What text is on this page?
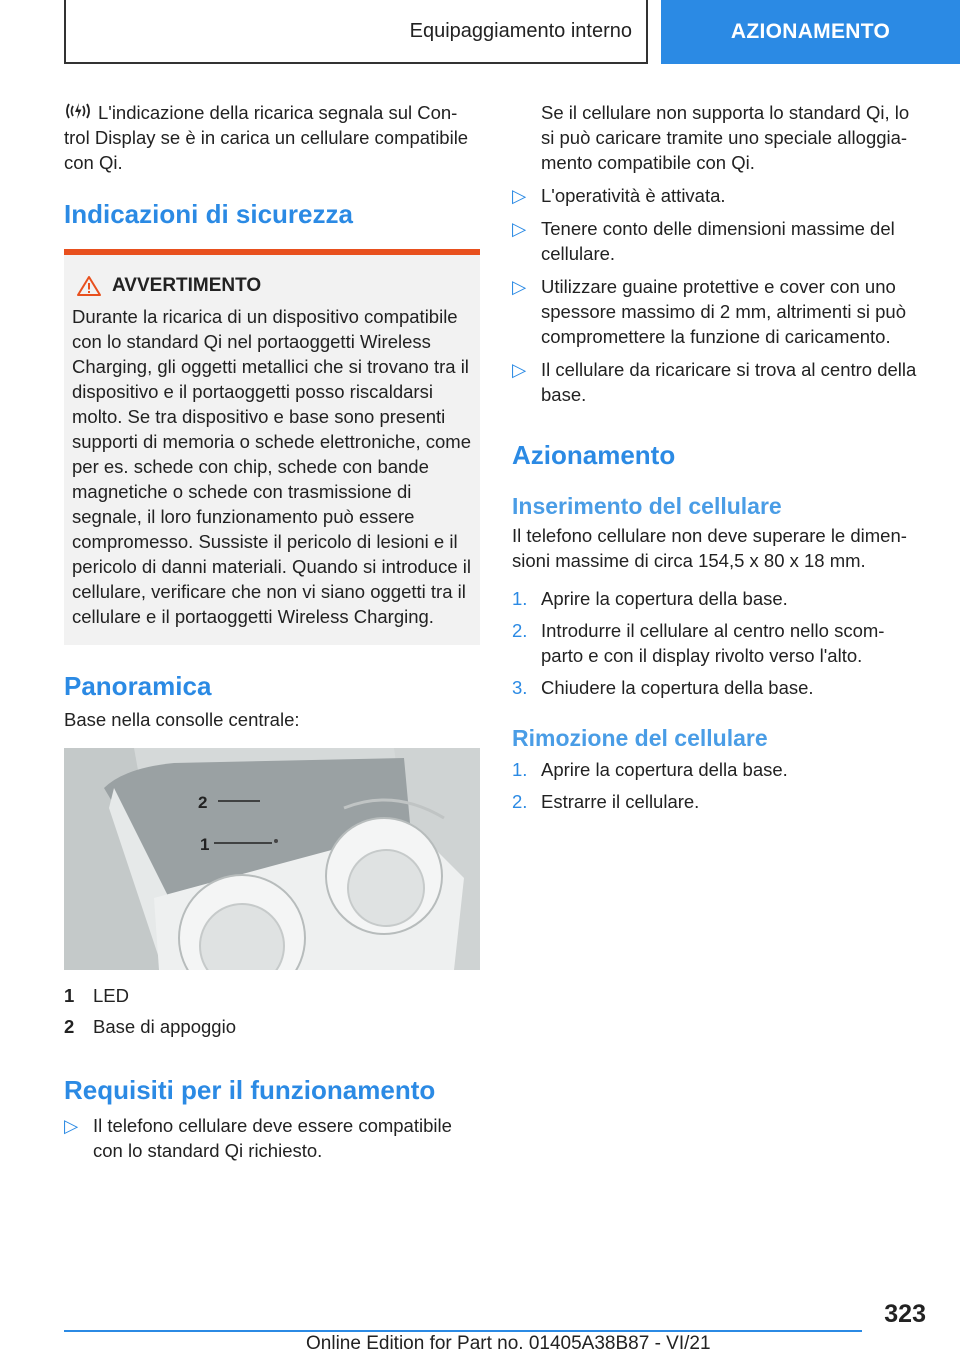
Equipaggiamento interno	AZIONAMENTO

L'indicazione della ricarica segnala sul Con-trol Display se è in carica un cellulare compatibile con Qi.

Indicazioni di sicurezza
AVVERTIMENTO

Durante la ricarica di un dispositivo compatibile con lo standard Qi nel portaoggetti Wireless Charging, gli oggetti metallici che si trovano tra il dispositivo e il portaoggetti posso riscaldarsi molto. Se tra dispositivo e base sono presenti supporti di memoria o schede elettroniche, come per es. schede con chip, schede con bande magnetiche o schede con trasmissione di segnale, il loro funzionamento può essere compromesso. Sussiste il pericolo di lesioni e il pericolo di danni materiali. Quando si introduce il cellulare, verificare che non vi siano oggetti tra il cellulare e il portaoggetti Wireless Charging.

Panoramica

Base nella consolle centrale:

2
1
1	LED
2	Base di appoggio
Requisiti per il funzionamento
▷ Il telefono cellulare deve essere compatibile con lo standard Qi richiesto.
Se il cellulare non supporta lo standard Qi, lo si può caricare tramite uno speciale alloggia-mento compatibile con Qi.
▷ L'operatività è attivata.
▷ Tenere conto delle dimensioni massime del cellulare.
▷ Utilizzare guaine protettive e cover con uno spessore massimo di 2 mm, altrimenti si può compromettere la funzione di caricamento.
▷ Il cellulare da ricaricare si trova al centro della base.
Azionamento
Inserimento del cellulare

Il telefono cellulare non deve superare le dimen-sioni massime di circa 154,5 x 80 x 18 mm.

1. Aprire la copertura della base.
2. Introdurre il cellulare al centro nello scom-parto e con il display rivolto verso l'alto.
3. Chiudere la copertura della base.
Rimozione del cellulare
1. Aprire la copertura della base.
2. Estrarre il cellulare.
323
Online Edition for Part no. 01405A38B87 - VI/21
